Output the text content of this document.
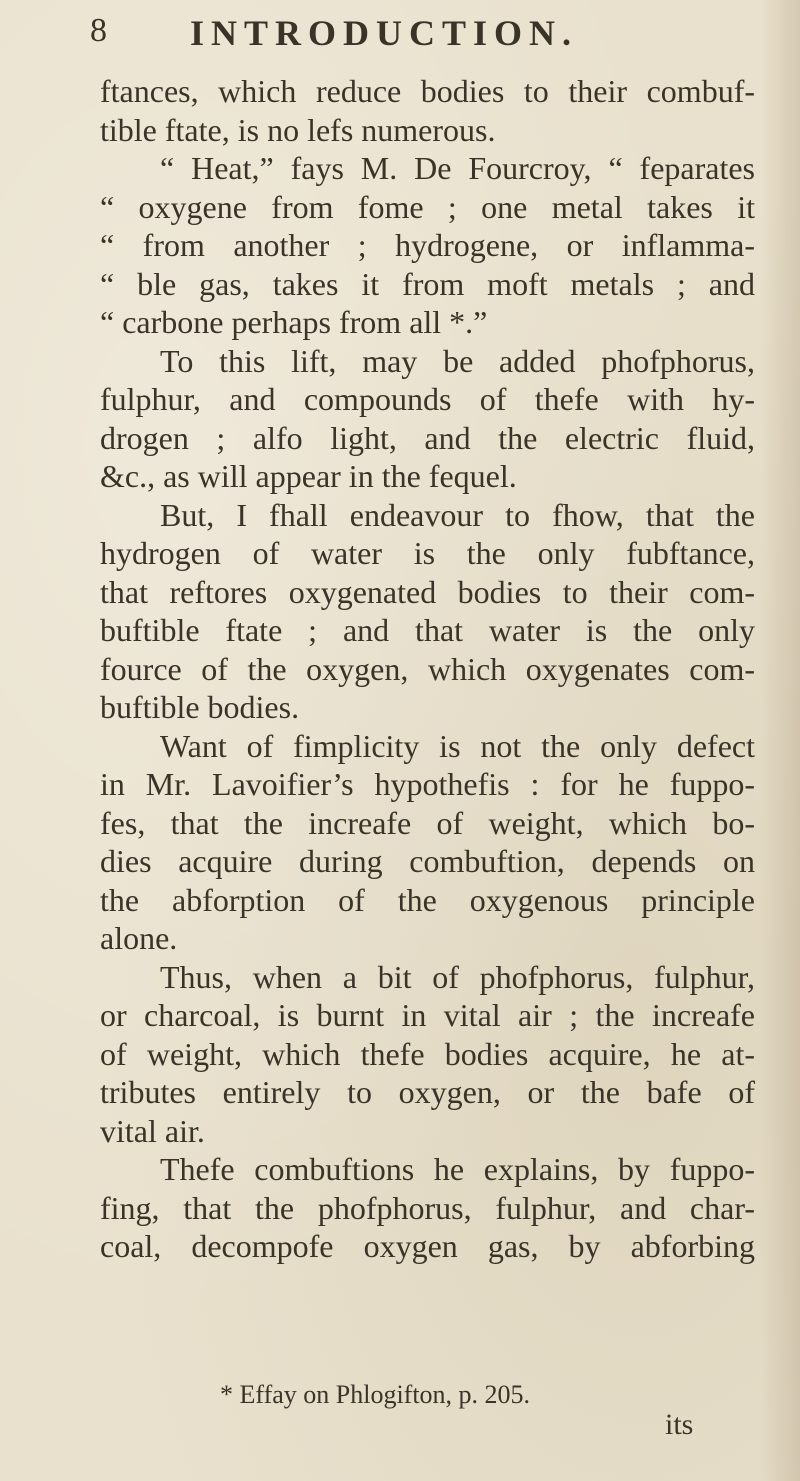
8 INTRODUCTION.
ftances, which reduce bodies to their combuf-
tible ftate, is no lefs numerous.
“ Heat,” fays M. De Fourcroy, “ feparates
“ oxygene from fome ; one metal takes it
“ from another ; hydrogene, or inflamma-
“ ble gas, takes it from moft metals ; and
“ carbone perhaps from all *.”
To this lift, may be added phofphorus,
fulphur, and compounds of thefe with hy-
drogen ; alfo light, and the electric fluid,
&c., as will appear in the fequel.
But, I fhall endeavour to fhow, that the
hydrogen of water is the only fubftance,
that reftores oxygenated bodies to their com-
buftible ftate ; and that water is the only
fource of the oxygen, which oxygenates com-
buftible bodies.
Want of fimplicity is not the only defect
in Mr. Lavoifier’s hypothefis : for he fuppo-
fes, that the increafe of weight, which bo-
dies acquire during combuftion, depends on
the abforption of the oxygenous principle
alone.
Thus, when a bit of phofphorus, fulphur,
or charcoal, is burnt in vital air ; the increafe
of weight, which thefe bodies acquire, he at-
tributes entirely to oxygen, or the bafe of
vital air.
Thefe combuftions he explains, by fuppo-
fing, that the phofphorus, fulphur, and char-
coal, decompofe oxygen gas, by abforbing
* Effay on Phlogifton, p. 205.
its
